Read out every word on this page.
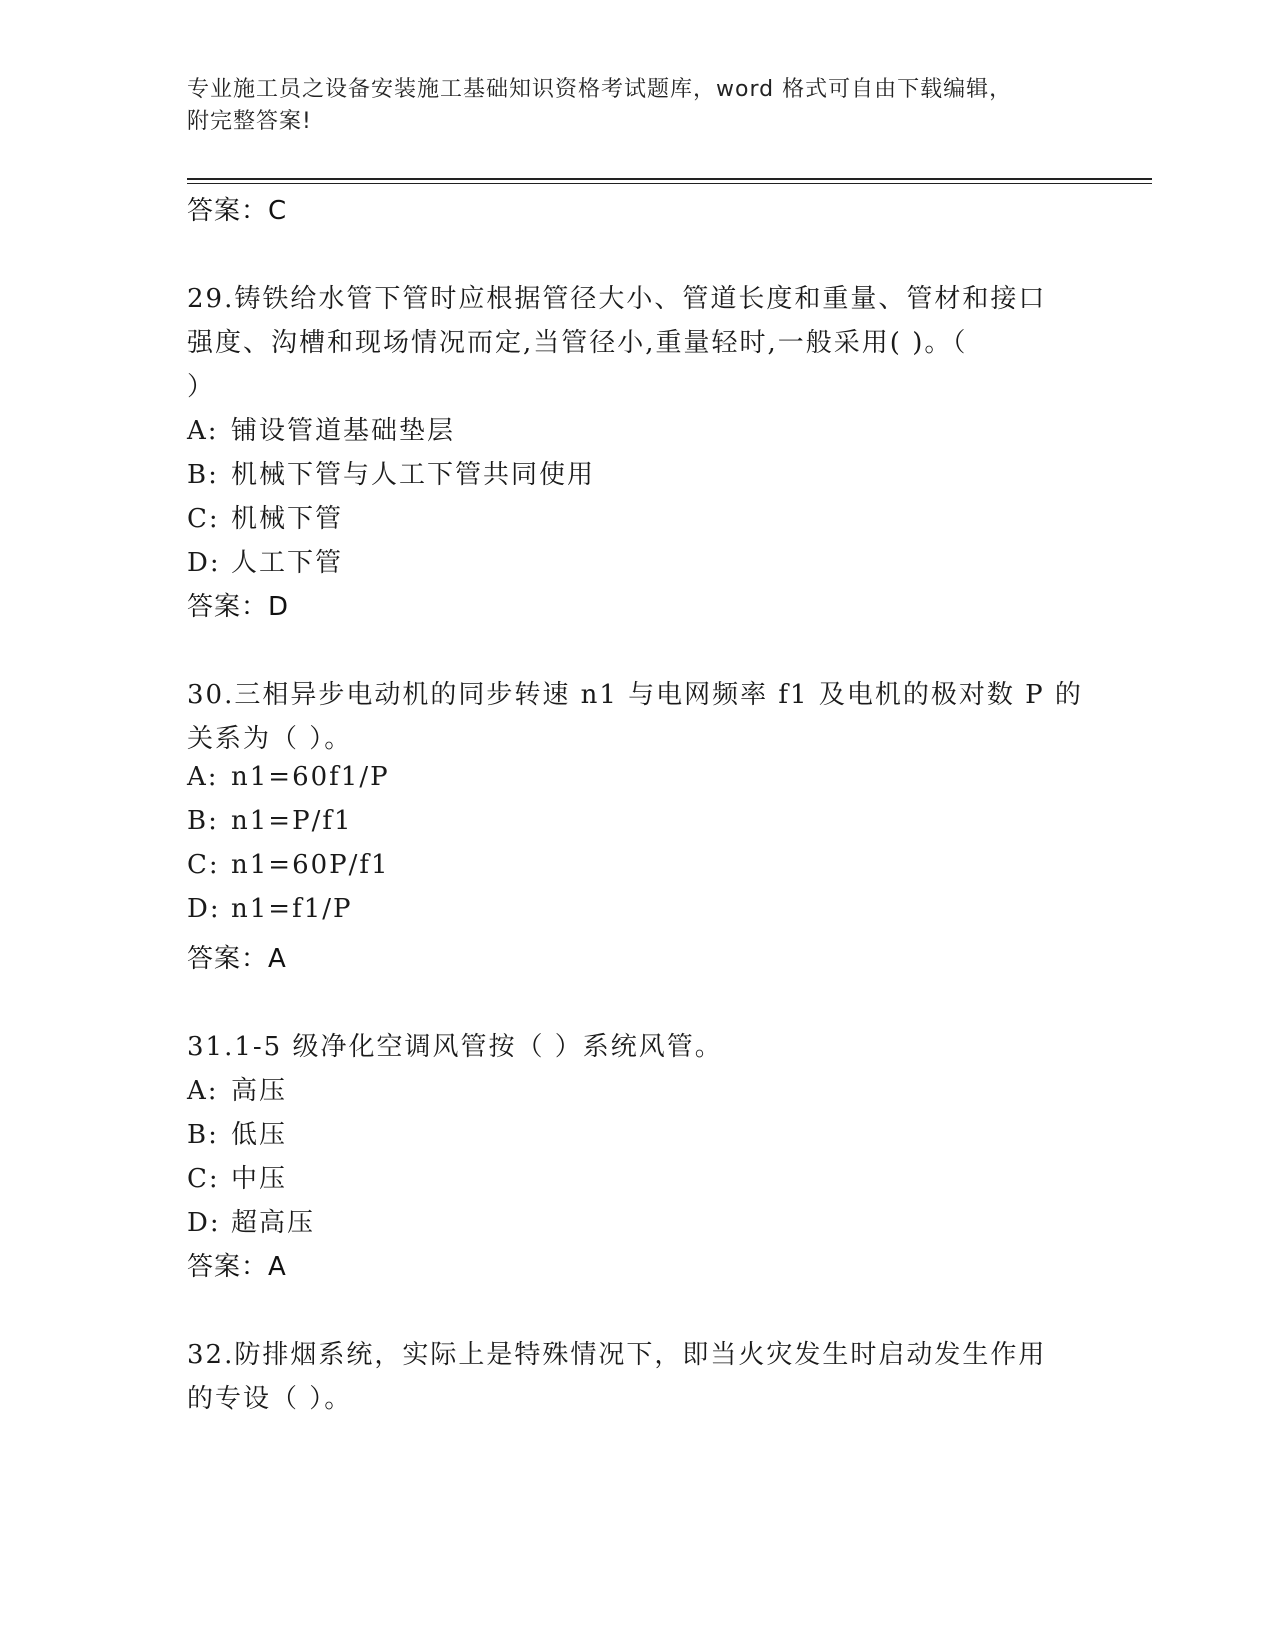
专业施工员之设备安装施工基础知识资格考试题库，word 格式可自由下载编辑，
附完整答案!
答案：C
29.铸铁给水管下管时应根据管径大小、管道长度和重量、管材和接口
强度、沟槽和现场情况而定,当管径小,重量轻时,一般采用( )。（
）
A: 铺设管道基础垫层
B: 机械下管与人工下管共同使用
C: 机械下管
D: 人工下管
答案：D
30.三相异步电动机的同步转速 n1 与电网频率 f1 及电机的极对数 P 的
关系为（ ）。
A: n1=60f1/P
B: n1=P/f1
C: n1=60P/f1
D: n1=f1/P
答案：A
31.1-5 级净化空调风管按（ ）系统风管。
A: 高压
B: 低压
C: 中压
D: 超高压
答案：A
32.防排烟系统，实际上是特殊情况下，即当火灾发生时启动发生作用
的专设（ ）。
